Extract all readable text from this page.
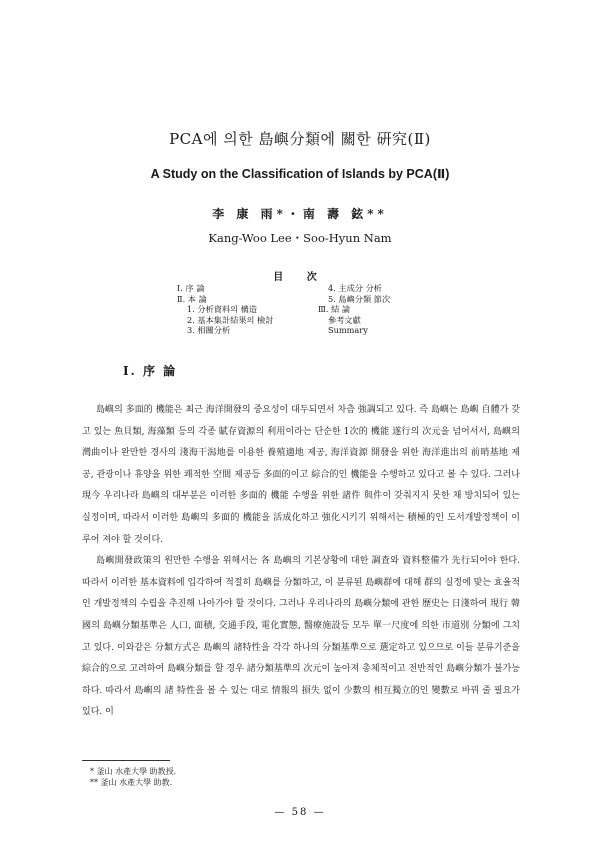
PCA에 의한 島嶼分類에 關한 硏究(Ⅱ)
A Study on the Classification of Islands by PCA(Ⅱ)
李 康 雨*・南 壽 鉉**
Kang-Woo Lee・Soo-Hyun Nam
目 次
Ⅰ. 序 論
Ⅱ. 本 論
1. 分析資料의 構造
2. 基本集計結果의 檢討
3. 相關分析
4. 主成分 分析
5. 島嶼分類 節次
Ⅲ. 結 論
參考文獻
Summary
Ⅰ. 序 論

島嶼의 多面的 機能은 최근 海洋開發의 중요성이 대두되면서 차츰 強調되고 있다. 즉 島嶼는 島嶼 自體가 갖고 있는 魚貝類, 海藻類 등의 각종 賦存資源의 利用이라는 단순한 1次的 機能 遂行의 次元을 넘어서서, 島嶼의 灣曲이나 완만한 경사의 淺海干潟地를 이용한 養殖適地 제공, 海洋資源 開發을 위한 海洋進出의 前哨基地 제공, 관광이나 휴양을 위한 쾌적한 空間 제공등 多面的이고 綜合的인 機能을 수행하고 있다고 볼 수 있다. 그러나 現今 우리나라 島嶼의 대부분은 이러한 多面的 機能 수행을 위한 諸件 與件이 갖춰지지 못한 채 방치되어 있는 실정이며, 따라서 이러한 島嶼의 多面的 機能을 活成化하고 強化시키기 위해서는 積極的인 도서개발정책이 이루어 져야 할 것이다.

島嶼開發政策의 원만한 수행을 위해서는 各 島嶼의 기본상황에 대한 調査와 資料整備가 先行되어야 한다. 따라서 이러한 基本資料에 입각하여 적절히 島嶼를 分類하고, 이 분류된 島嶼群에 대해 群의 실정에 맞는 효율적인 개발정책의 수립을 추진해 나아가야 할 것이다. 그러나 우리나라의 島嶼分類에 관한 歷史는 日淺하여 現行 韓國의 島嶼分類基準은 人口, 面積, 交通手段, 電化實態, 醫療施設등 모두 單一尺度에 의한 市道別 分類에 그치고 있다. 이와같은 分類方式은 島嶼의 諸特性을 각각 하나의 分類基準으로 選定하고 있으므로 이들 분류기준을 綜合的으로 고려하여 島嶼分類를 할 경우 諸分類基準의 次元이 높아져 총체적이고 전반적인 島嶼分類가 불가능 하다. 따라서 島嶼의 諸 特性을 볼 수 있는 대로 情報의 損失 없이 少數의 相互獨立的인 變數로 바꿔 줄 필요가 있다. 이

* 釜山 水產大學 助教授.
** 釜山 水產大學 助教.
— 58 —
